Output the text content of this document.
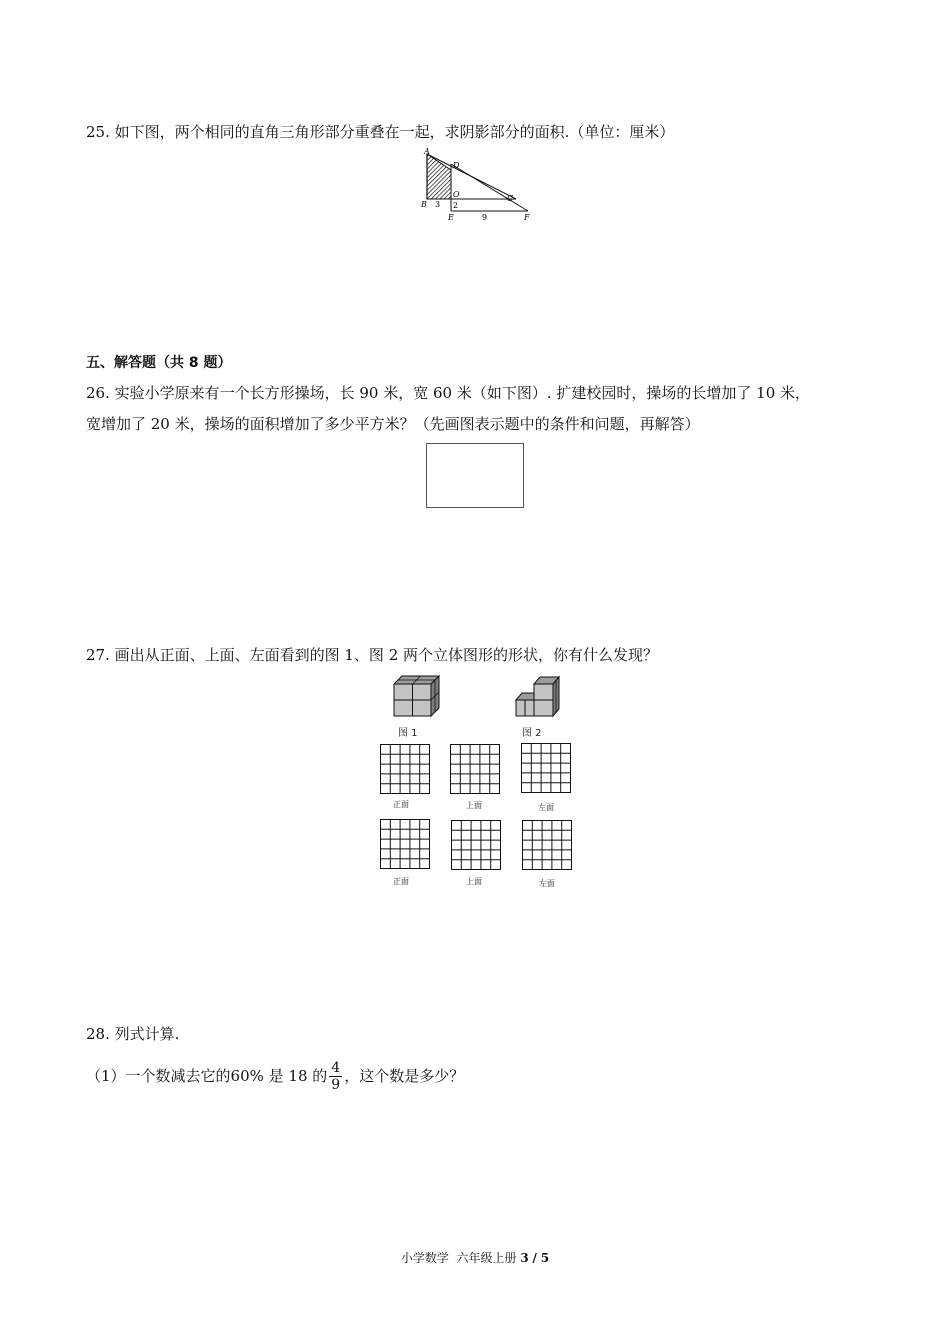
25. 如下图，两个相同的直角三角形部分重叠在一起，求阴影部分的面积.（单位：厘米）
A
D
O	C
B 3 2
E	9	F
五、解答题（共 8 题）
26. 实验小学原来有一个长方形操场，长 90 米，宽 60 米（如下图）. 扩建校园时，操场的长增加了 10 米，
宽增加了 20 米，操场的面积增加了多少平方米？（先画图表示题中的条件和问题，再解答）
27. 画出从正面、上面、左面看到的图 1、图 2 两个立体图形的形状，你有什么发现？
图 1	图 2
正面	上面	左面
正面	上面	左面
28. 列式计算.
（1）一个数减去它的60% 是 18 的 $\frac{4}{9}$ ，这个数是多少？
小学数学 六年级上册 3 / 5
